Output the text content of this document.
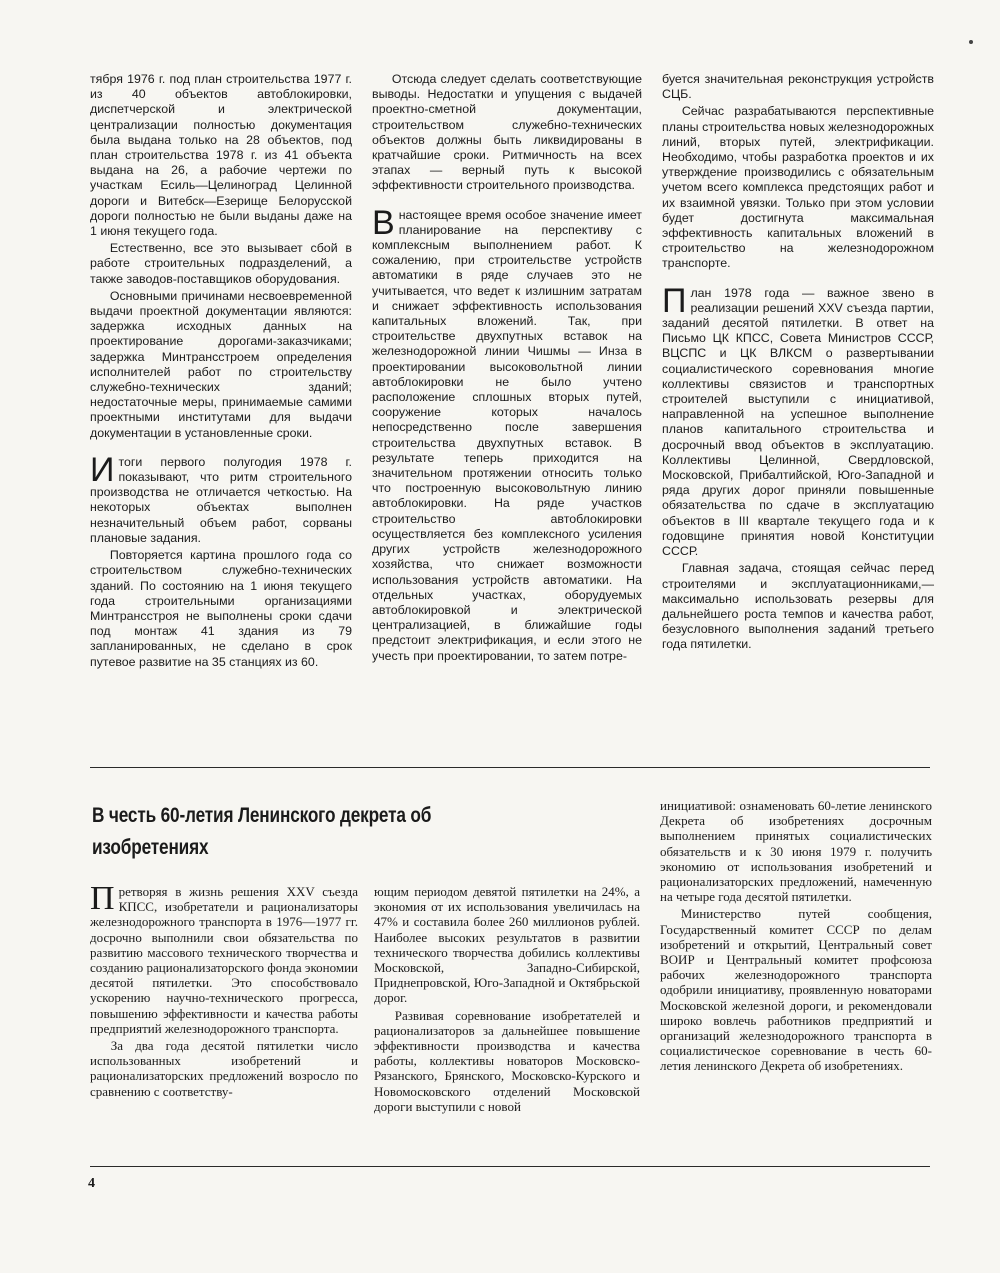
тября 1976 г. под план строительства 1977 г. из 40 объектов автоблокировки, диспетчерской и электрической централизации полностью документация была выдана только на 28 объектов, под план строительства 1978 г. из 41 объекта выдана на 26, а рабочие чертежи по участкам Есиль—Целиноград Целинной дороги и Витебск—Езерище Белорусской дороги полностью не были выданы даже на 1 июня текущего года.

Естественно, все это вызывает сбой в работе строительных подразделений, а также заводов-поставщиков оборудования.

Основными причинами несвоевременной выдачи проектной документации являются: задержка исходных данных на проектирование дорогами-заказчиками; задержка Минтрансстроем определения исполнителей работ по строительству служебно-технических зданий; недостаточные меры, принимаемые самими проектными институтами для выдачи документации в установленные сроки.

Итоги первого полугодия 1978 г. показывают, что ритм строительного производства не отличается четкостью. На некоторых объектах выполнен незначительный объем работ, сорваны плановые задания.

Повторяется картина прошлого года со строительством служебно-технических зданий. По состоянию на 1 июня текущего года строительными организациями Минтрансстроя не выполнены сроки сдачи под монтаж 41 здания из 79 запланированных, не сделано в срок путевое развитие на 35 станциях из 60.

Отсюда следует сделать соответствующие выводы. Недостатки и упущения с выдачей проектно-сметной документации, строительством служебно-технических объектов должны быть ликвидированы в кратчайшие сроки. Ритмичность на всех этапах — верный путь к высокой эффективности строительного производства.

Внастоящее время особое значение имеет планирование на перспективу с комплексным выполнением работ. К сожалению, при строительстве устройств автоматики в ряде случаев это не учитывается, что ведет к излишним затратам и снижает эффективность использования капитальных вложений. Так, при строительстве двухпутных вставок на железнодорожной линии Чишмы — Инза в проектировании высоковольтной линии автоблокировки не было учтено расположение сплошных вторых путей, сооружение которых началось непосредственно после завершения строительства двухпутных вставок. В результате теперь приходится на значительном протяжении относить только что построенную высоковольтную линию автоблокировки. На ряде участков строительство автоблокировки осуществляется без комплексного усиления других устройств железнодорожного хозяйства, что снижает возможности использования устройств автоматики. На отдельных участках, оборудуемых автоблокировкой и электрической централизацией, в ближайшие годы предстоит электрификация, и если этого не учесть при проектировании, то затем потре-

буется значительная реконструкция устройств СЦБ.

Сейчас разрабатываются перспективные планы строительства новых железнодорожных линий, вторых путей, электрификации. Необходимо, чтобы разработка проектов и их утверждение производились с обязательным учетом всего комплекса предстоящих работ и их взаимной увязки. Только при этом условии будет достигнута максимальная эффективность капитальных вложений в строительство на железнодорожном транспорте.

План 1978 года — важное звено в реализации решений XXV съезда партии, заданий десятой пятилетки. В ответ на Письмо ЦК КПСС, Совета Министров СССР, ВЦСПС и ЦК ВЛКСМ о развертывании социалистического соревнования многие коллективы связистов и транспортных строителей выступили с инициативой, направленной на успешное выполнение планов капитального строительства и досрочный ввод объектов в эксплуатацию. Коллективы Целинной, Свердловской, Московской, Прибалтийской, Юго-Западной и ряда других дорог приняли повышенные обязательства по сдаче в эксплуатацию объектов в III квартале текущего года и к годовщине принятия новой Конституции СССР.

Главная задача, стоящая сейчас перед строителями и эксплуатационниками,— максимально использовать резервы для дальнейшего роста темпов и качества работ, безусловного выполнения заданий третьего года пятилетки.

В честь 60-летия Ленинского декрета об изобретениях

Претворяя в жизнь решения XXV съезда КПСС, изобретатели и рационализаторы железнодорожного транспорта в 1976—1977 гг. досрочно выполнили свои обязательства по развитию массового технического творчества и созданию рационализаторского фонда экономии десятой пятилетки. Это способствовало ускорению научно-технического прогресса, повышению эффективности и качества работы предприятий железнодорожного транспорта.

За два года десятой пятилетки число использованных изобретений и рационализаторских предложений возросло по сравнению с соответству-

ющим периодом девятой пятилетки на 24%, а экономия от их использования увеличилась на 47% и составила более 260 миллионов рублей. Наиболее высоких результатов в развитии технического творчества добились коллективы Московской, Западно-Сибирской, Приднепровской, Юго-Западной и Октябрьской дорог.

Развивая соревнование изобретателей и рационализаторов за дальнейшее повышение эффективности производства и качества работы, коллективы новаторов Московско-Рязанского, Брянского, Московско-Курского и Новомосковского отделений Московской дороги выступили с новой

инициативой: ознаменовать 60-летие ленинского Декрета об изобретениях досрочным выполнением принятых социалистических обязательств и к 30 июня 1979 г. получить экономию от использования изобретений и рационализаторских предложений, намеченную на четыре года десятой пятилетки.

Министерство путей сообщения, Государственный комитет СССР по делам изобретений и открытий, Центральный совет ВОИР и Центральный комитет профсоюза рабочих железнодорожного транспорта одобрили инициативу, проявленную новаторами Московской железной дороги, и рекомендовали широко вовлечь работников предприятий и организаций железнодорожного транспорта в социалистическое соревнование в честь 60-летия ленинского Декрета об изобретениях.

4
